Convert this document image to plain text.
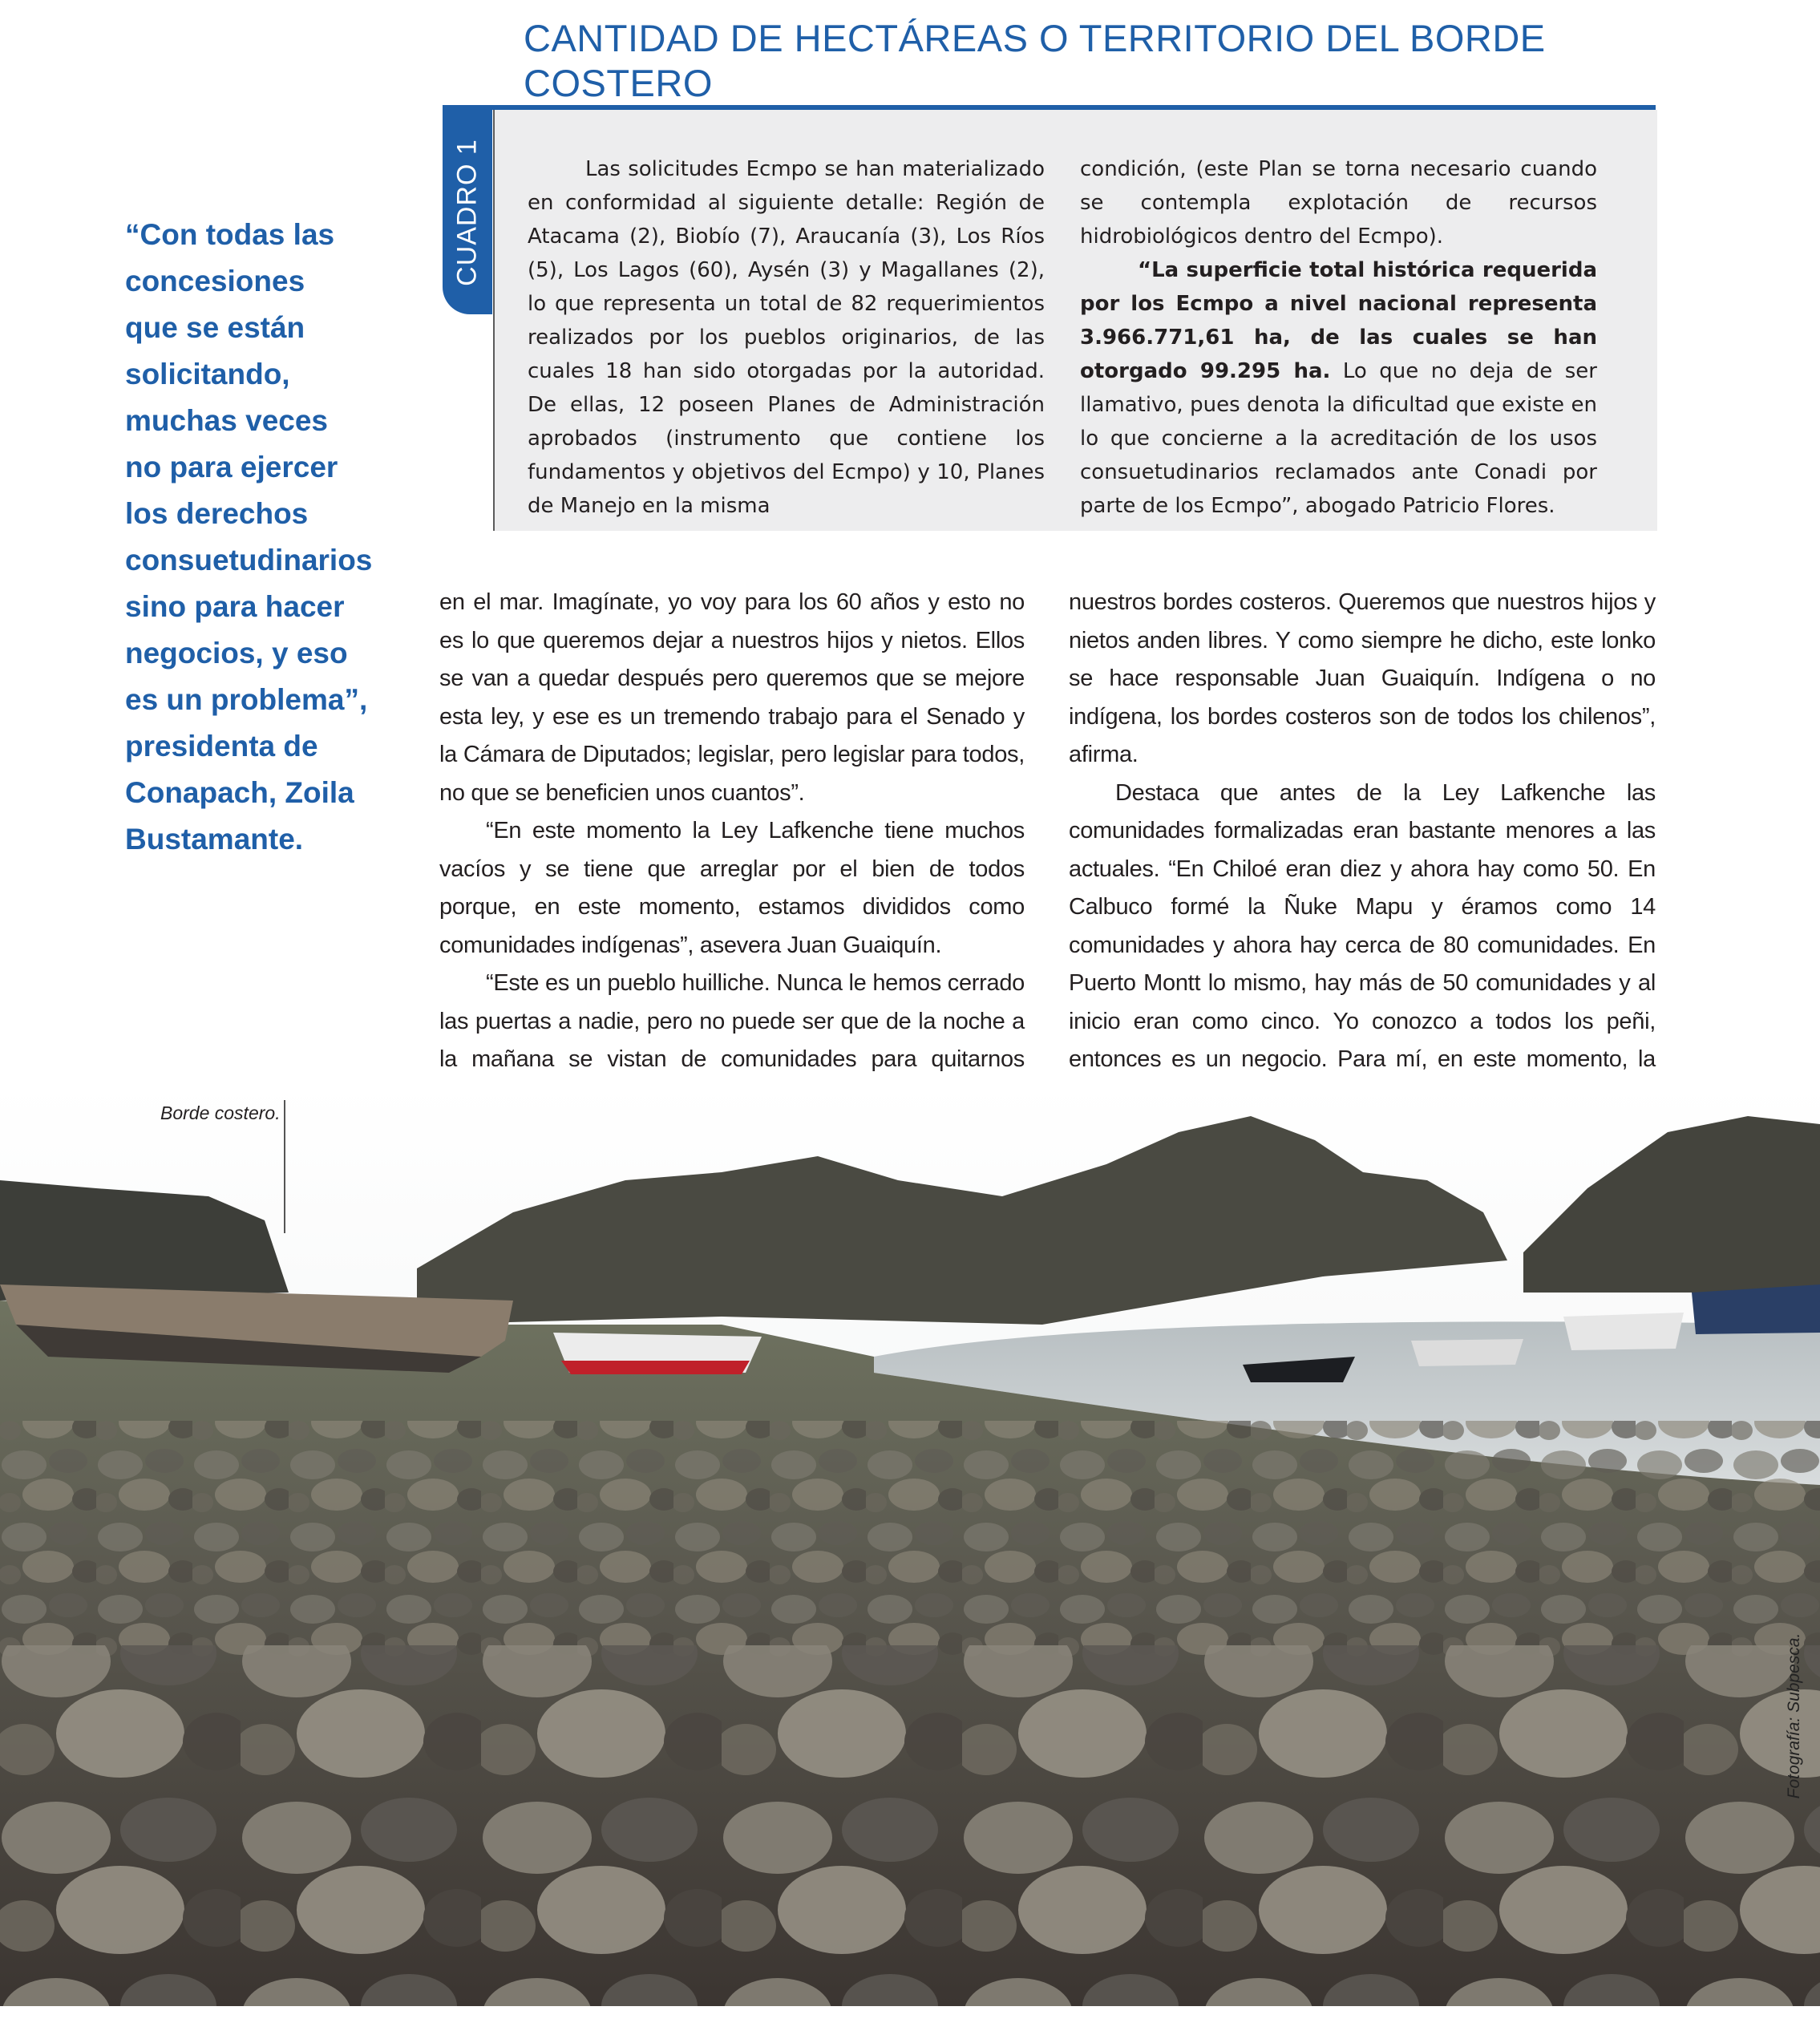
CANTIDAD DE HECTÁREAS O TERRITORIO DEL BORDE COSTERO
CUADRO 1	Las solicitudes Ecmpo se han materializado en conformidad al siguiente detalle: Región de Atacama (2), Biobío (7), Araucanía (3), Los Ríos (5), Los Lagos (60), Aysén (3) y Magallanes (2), lo que representa un total de 82 requerimientos realizados por los pueblos originarios, de las cuales 18 han sido otorgadas por la autoridad. De ellas, 12 poseen Planes de Administración aprobados (instrumento que contiene los fundamentos y objetivos del Ecmpo) y 10, Planes de Manejo en la misma

condición, (este Plan se torna necesario cuando se contempla explotación de recursos hidrobiológicos dentro del Ecmpo).

“La superficie total histórica requerida por los Ecmpo a nivel nacional representa 3.966.771,61 ha, de las cuales se han otorgado 99.295 ha. Lo que no deja de ser llamativo, pues denota la dificultad que existe en lo que concierne a la acreditación de los usos consuetudinarios reclamados ante Conadi por parte de los Ecmpo”, abogado Patricio Flores.

“Con todas las
concesiones
que se están
solicitando,
muchas veces
no para ejercer
los derechos
consuetudinarios
sino para hacer
negocios, y eso
es un problema”,
presidenta de
Conapach, Zoila
Bustamante.

en el mar. Imagínate, yo voy para los 60 años y esto no es lo que queremos dejar a nuestros hijos y nietos. Ellos se van a quedar después pero queremos que se mejore esta ley, y ese es un tremendo trabajo para el Senado y la Cámara de Diputados; legislar, pero legislar para todos, no que se beneficien unos cuantos”.

“En este momento la Ley Lafkenche tiene muchos vacíos y se tiene que arreglar por el bien de todos porque, en este momento, estamos divididos como comunidades indígenas”, asevera Juan Guaiquín.

“Este es un pueblo huilliche. Nunca le hemos cerrado las puertas a nadie, pero no puede ser que de la noche a la mañana se vistan de comunidades para quitarnos

nuestros bordes costeros. Queremos que nuestros hijos y nietos anden libres. Y como siempre he dicho, este lonko se hace responsable Juan Guaiquín. Indígena o no indígena, los bordes costeros son de todos los chilenos”, afirma.

Destaca que antes de la Ley Lafkenche las comunidades formalizadas eran bastante menores a las actuales. “En Chiloé eran diez y ahora hay como 50. En Calbuco formé la Ñuke Mapu y éramos como 14 comunidades y ahora hay cerca de 80 comunidades. En Puerto Montt lo mismo, hay más de 50 comunidades y al inicio eran como cinco. Yo conozco a todos los peñi, entonces es un negocio. Para mí, en este momento, la

Borde costero.
Fotografía: Subpesca.
